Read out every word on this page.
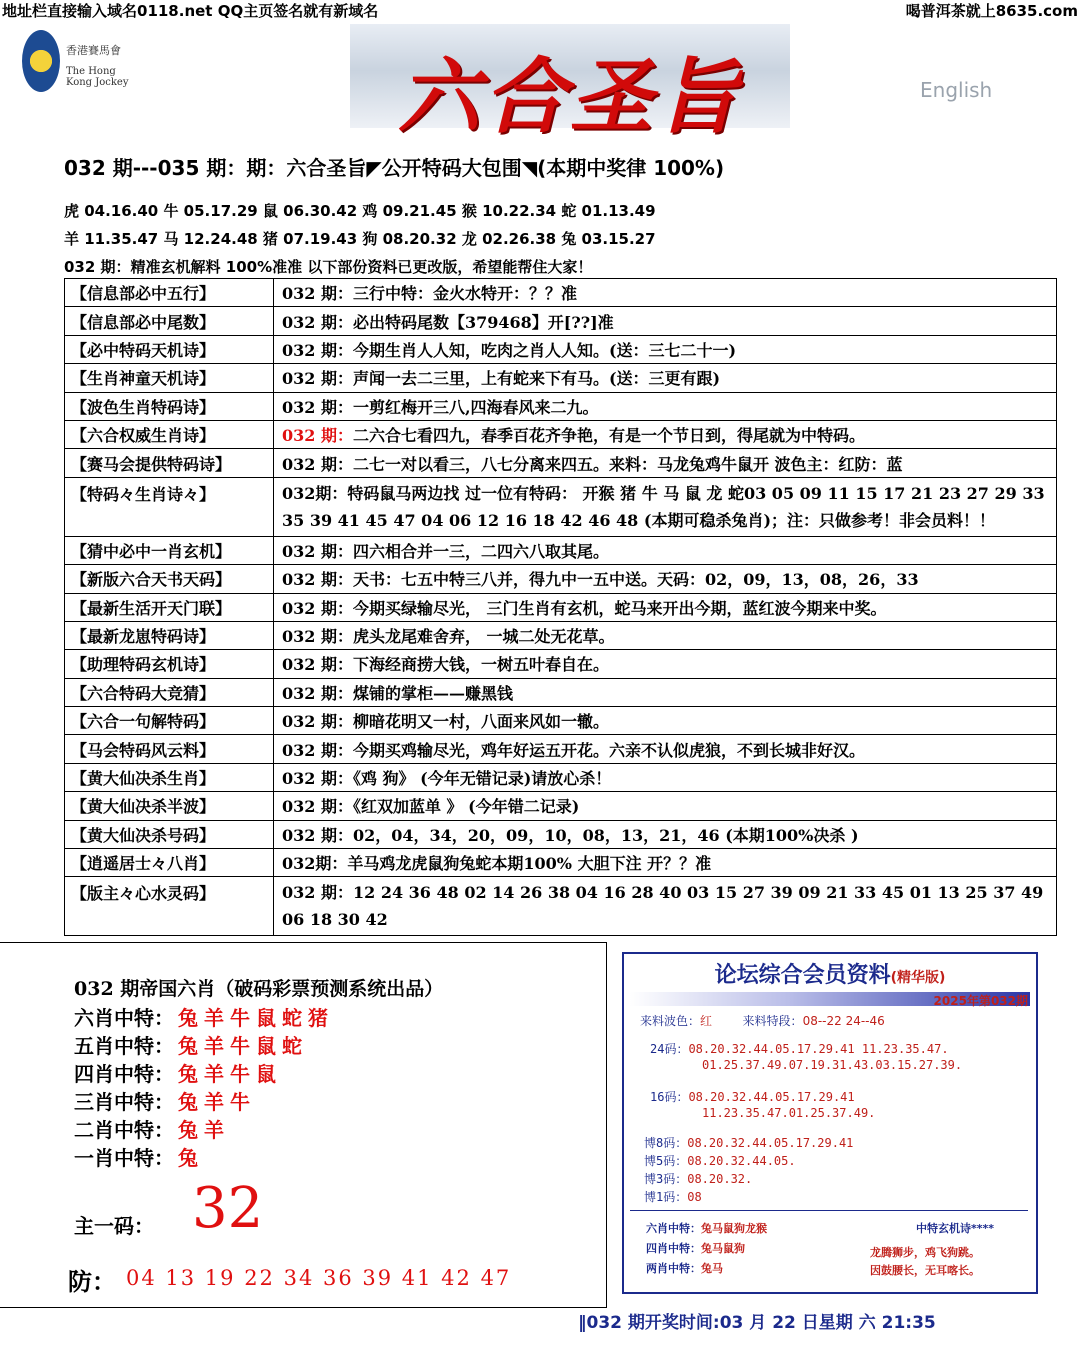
地址栏直接输入域名0118.net QQ主页签名就有新域名	喝普洱茶就上8635.com
香港賽馬會
The Hong Kong Jockey	六合圣旨	English
032 期---035 期：期：六合圣旨◤公开特码大包围◥(本期中奖律 100%)
虎 04.16.40 牛 05.17.29 鼠 06.30.42 鸡 09.21.45 猴 10.22.34 蛇 01.13.49
羊 11.35.47 马 12.24.48 猪 07.19.43 狗 08.20.32 龙 02.26.38 兔 03.15.27
032 期：精准玄机解料 100%准准 以下部份资料已更改版，希望能帮住大家！
【信息部必中五行】	032 期：三行中特：金火水特开：？？准
【信息部必中尾数】	032 期：必出特码尾数【379468】开[??]准
【必中特码天机诗】	032 期：今期生肖人人知，吃肉之肖人人知。(送：三七二十一)
【生肖神童天机诗】	032 期：声闻一去二三里，上有蛇来下有马。(送：三更有跟)
【波色生肖特码诗】	032 期：一剪红梅开三八,四海春风来二九。
【六合权威生肖诗】	032 期：二六合七看四九，春季百花齐争艳，有是一个节日到，得尾就为中特码。
【赛马会提供特码诗】	032 期：二七一对以看三，八七分离来四五。来料：马龙兔鸡牛鼠开 波色主：红防：蓝
【特码々生肖诗々】	032期：特码鼠马两边找 过一位有特码： 开猴 猪 牛 马 鼠 龙 蛇03 05 09 11 15 17 21 23 27 29 33 35 39 41 45 47 04 06 12 16 18 42 46 48 (本期可稳杀兔肖)；注：只做参考！非会员料！！
【猜中必中一肖玄机】	032 期：四六相合并一三，二四六八取其尾。
【新版六合天书天码】	032 期：天书：七五中特三八并，得九中一五中送。天码：02，09，13，08，26，33
【最新生活开天门联】	032 期：今期买绿输尽光， 三门生肖有玄机，蛇马来开出今期，蓝红波今期来中奖。
【最新龙崽特码诗】	032 期：虎头龙尾难舍弃， 一城二处无花草。
【助理特码玄机诗】	032 期：下海经商捞大钱，一树五叶春自在。
【六合特码大竞猜】	032 期：煤铺的掌柜——赚黑钱
【六合一句解特码】	032 期：柳暗花明又一村，八面来风如一辙。
【马会特码风云料】	032 期：今期买鸡输尽光，鸡年好运五开花。六亲不认似虎狼，不到长城非好汉。
【黄大仙决杀生肖】	032 期：《鸡 狗》 (今年无错记录)请放心杀！
【黄大仙决杀半波】	032 期：《红双加蓝单 》 (今年错二记录)
【黄大仙决杀号码】	032 期：02，04，34，20，09，10，08，13，21，46 (本期100%决杀 )
【逍遥居士々八肖】	032期：羊马鸡龙虎鼠狗兔蛇本期100% 大胆下注 开？？准
【版主々心水灵码】	032 期：12 24 36 48 02 14 26 38 04 16 28 40 03 15 27 39 09 21 33 45 01 13 25 37 49 06 18 30 42
032 期帝国六肖（破码彩票预测系统出品）
六肖中特： 兔羊牛鼠蛇猪
五肖中特： 兔羊牛鼠蛇
四肖中特： 兔羊牛鼠
三肖中特： 兔羊牛
二肖中特： 兔羊
一肖中特： 兔
主一码： 32
防： 04 13 19 22 34 36 39 41 42 47
论坛综合会员资料(精华版)
2025年第032期
来料波色：红	来料特段：08--22 24--46
24码：08.20.32.44.05.17.29.41 11.23.35.47.
01.25.37.49.07.19.31.43.03.15.27.39.
16码：08.20.32.44.05.17.29.41
11.23.35.47.01.25.37.49.
博8码：08.20.32.44.05.17.29.41
博5码：08.20.32.44.05.
博3码：08.20.32.
博1码：08
六肖中特：兔马鼠狗龙猴
四肖中特：兔马鼠狗
两肖中特：兔马
中特玄机诗****
龙腾狮步，鸡飞狗跳。
因鼓腰长，无耳喀长。
‖032 期开奖时间:03 月 22 日星期 六 21:35
